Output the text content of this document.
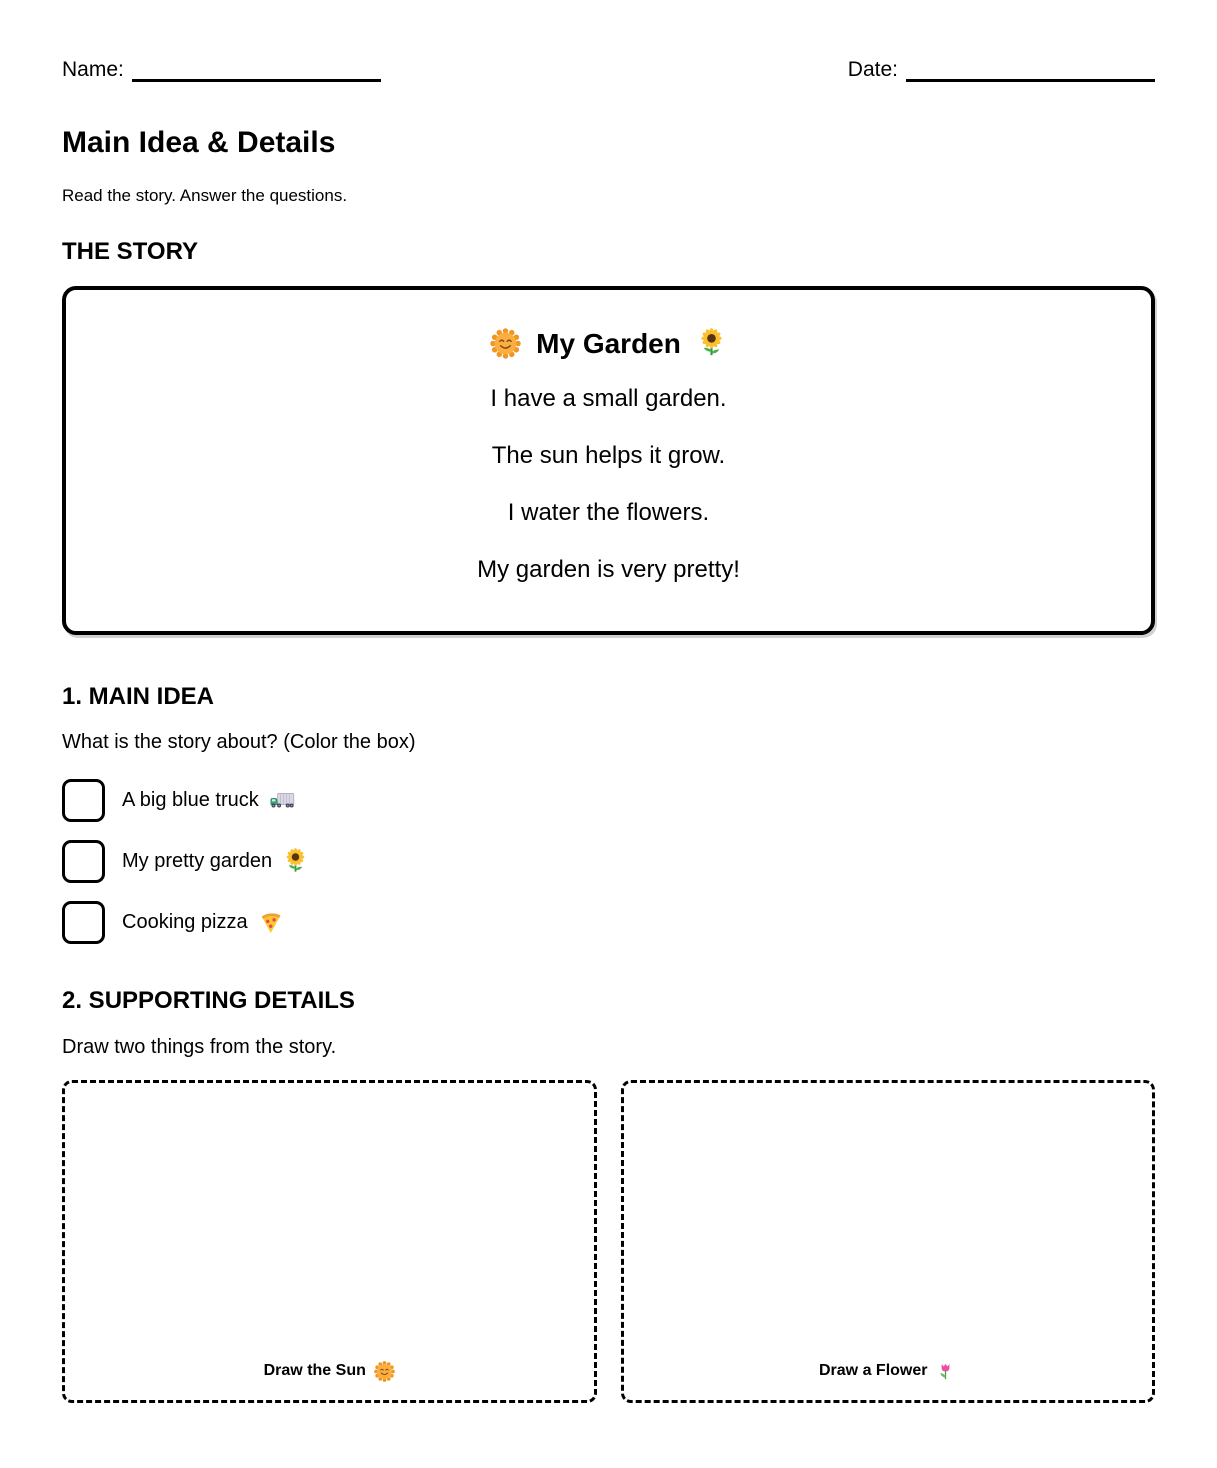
Name:	Date:
Main Idea & Details
Read the story. Answer the questions.
THE STORY
My Garden
I have a small garden.
The sun helps it grow.
I water the flowers.
My garden is very pretty!
1. MAIN IDEA
What is the story about? (Color the box)
A big blue truck
My pretty garden
Cooking pizza
2. SUPPORTING DETAILS
Draw two things from the story.
Draw the Sun	Draw a Flower
